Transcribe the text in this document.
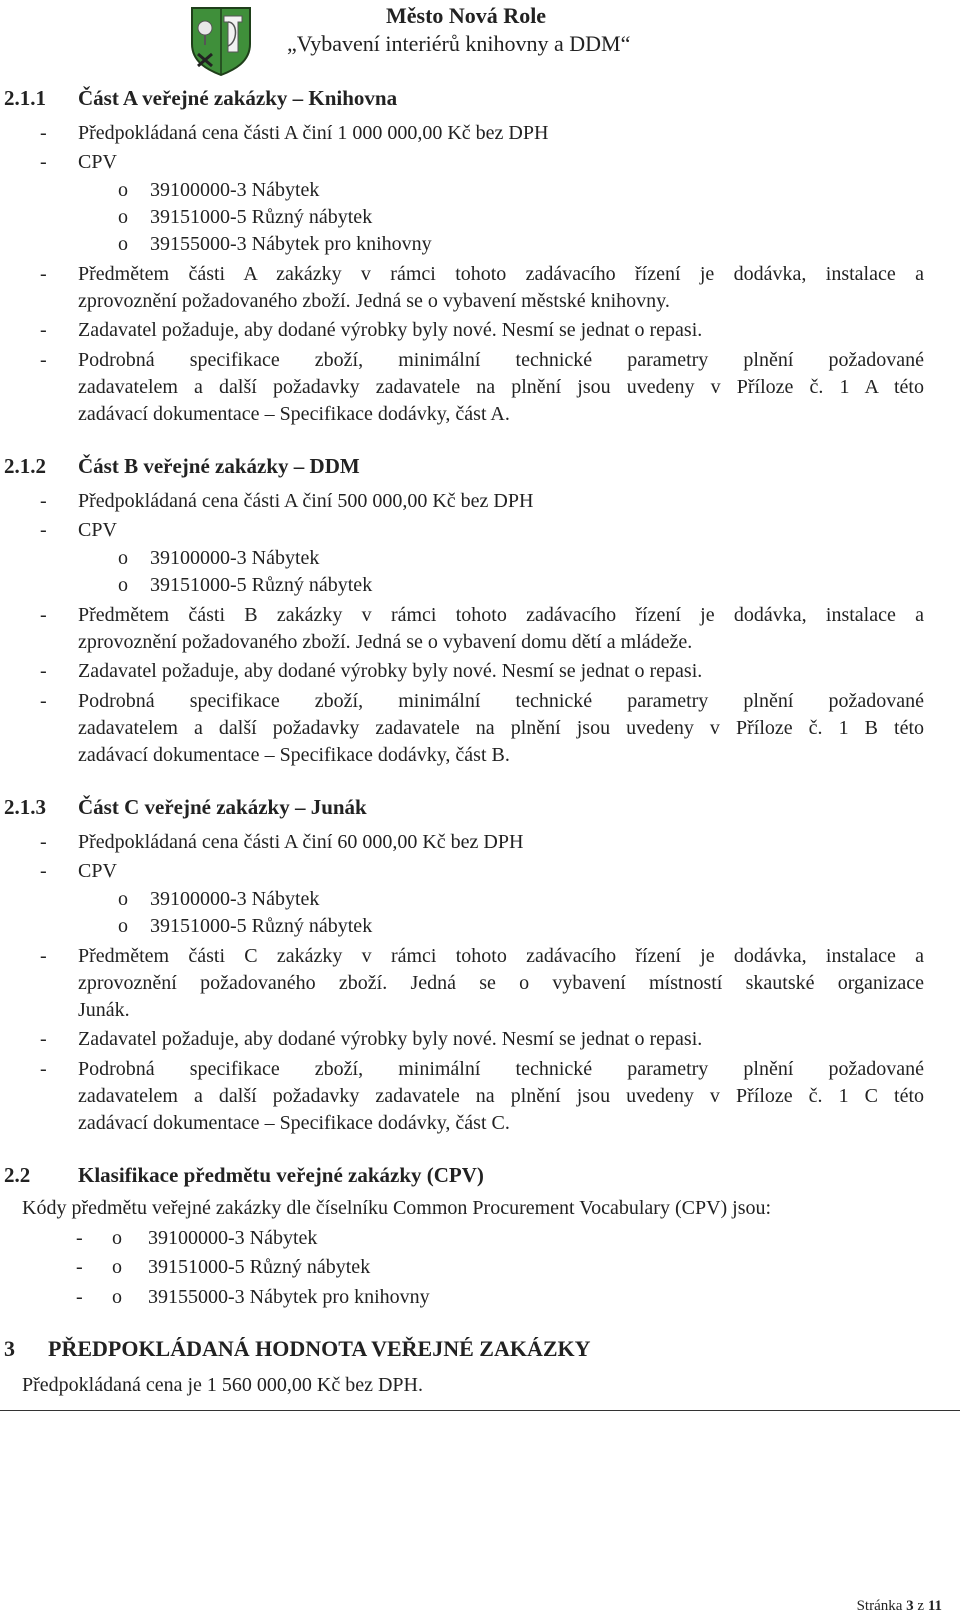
Město Nová Role
„Vybavení interiérů knihovny a DDM“
2.1.1 Část A veřejné zakázky – Knihovna
- Předpokládaná cena části A činí 1 000 000,00 Kč bez DPH
- CPV
o 39100000-3 Nábytek
o 39151000-5 Různý nábytek
o 39155000-3 Nábytek pro knihovny
- Předmětem části A zakázky v rámci tohoto zadávacího řízení je dodávka, instalace a
zprovoznění požadovaného zboží. Jedná se o vybavení městské knihovny.
- Zadavatel požaduje, aby dodané výrobky byly nové. Nesmí se jednat o repasi.
- Podrobná specifikace zboží, minimální technické parametry plnění požadované
zadavatelem a další požadavky zadavatele na plnění jsou uvedeny v Příloze č. 1 A této
zadávací dokumentace – Specifikace dodávky, část A.
2.1.2 Část B veřejné zakázky – DDM
- Předpokládaná cena části A činí 500 000,00 Kč bez DPH
- CPV
o 39100000-3 Nábytek
o 39151000-5 Různý nábytek
- Předmětem části B zakázky v rámci tohoto zadávacího řízení je dodávka, instalace a
zprovoznění požadovaného zboží. Jedná se o vybavení domu dětí a mládeže.
- Zadavatel požaduje, aby dodané výrobky byly nové. Nesmí se jednat o repasi.
- Podrobná specifikace zboží, minimální technické parametry plnění požadované
zadavatelem a další požadavky zadavatele na plnění jsou uvedeny v Příloze č. 1 B této
zadávací dokumentace – Specifikace dodávky, část B.
2.1.3 Část C veřejné zakázky – Junák
- Předpokládaná cena části A činí 60 000,00 Kč bez DPH
- CPV
o 39100000-3 Nábytek
o 39151000-5 Různý nábytek
- Předmětem části C zakázky v rámci tohoto zadávacího řízení je dodávka, instalace a
zprovoznění požadovaného zboží. Jedná se o vybavení místností skautské organizace
Junák.
- Zadavatel požaduje, aby dodané výrobky byly nové. Nesmí se jednat o repasi.
- Podrobná specifikace zboží, minimální technické parametry plnění požadované
zadavatelem a další požadavky zadavatele na plnění jsou uvedeny v Příloze č. 1 C této
zadávací dokumentace – Specifikace dodávky, část C.
2.2 Klasifikace předmětu veřejné zakázky (CPV)
Kódy předmětu veřejné zakázky dle číselníku Common Procurement Vocabulary (CPV) jsou:
- o 39100000-3 Nábytek
- o 39151000-5 Různý nábytek
- o 39155000-3 Nábytek pro knihovny
3 PŘEDPOKLÁDANÁ HODNOTA VEŘEJNÉ ZAKÁZKY
Předpokládaná cena je 1 560 000,00 Kč bez DPH.
Stránka 3 z 11
